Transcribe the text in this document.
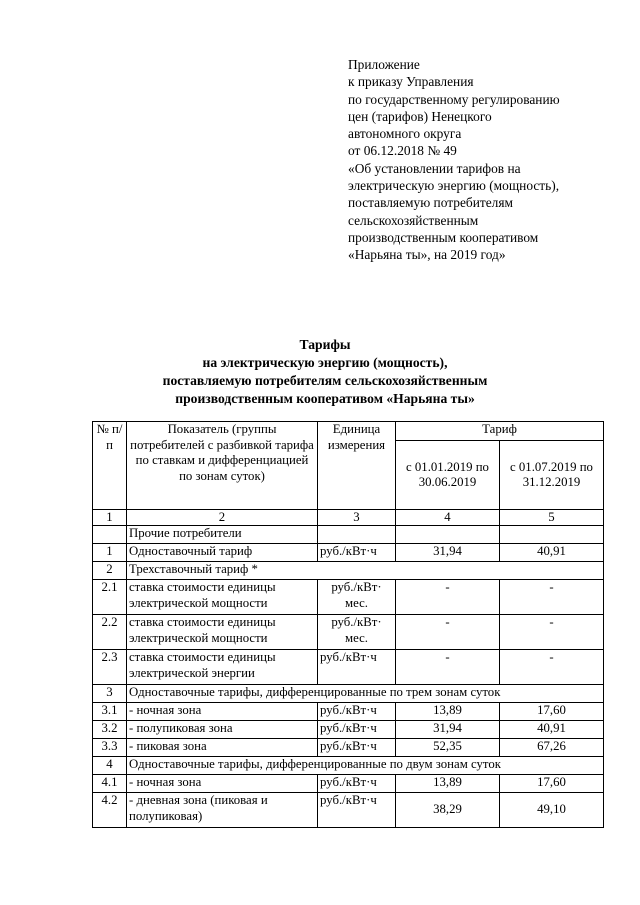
Приложение
к приказу Управления
по государственному регулированию
цен (тарифов) Ненецкого
автономного округа
от 06.12.2018 № 49
«Об установлении тарифов на
электрическую энергию (мощность),
поставляемую потребителям
сельскохозяйственным
производственным кооперативом
«Нарьяна ты», на 2019 год»
Тарифы
на электрическую энергию (мощность),
поставляемую потребителям сельскохозяйственным
производственным кооперативом «Нарьяна ты»
№ п/п	Показатель (группы потребителей с разбивкой тарифа по ставкам и дифференциацией по зонам суток)	Единица измерения	Тариф	
			с 01.01.2019 по 30.06.2019	с 01.07.2019 по 31.12.2019
1	2	3	4	5
	Прочие потребители			
1	Одноставочный тариф	руб./кВт·ч	31,94	40,91
2	Трехставочный тариф *			
2.1	ставка стоимости единицы электрической мощности	руб./кВт· мес.	-	-
2.2	ставка стоимости единицы электрической мощности	руб./кВт· мес.	-	-
2.3	ставка стоимости единицы электрической энергии	руб./кВт·ч	-	-
3	Одноставочные тарифы, дифференцированные по трем зонам суток			
3.1	- ночная зона	руб./кВт·ч	13,89	17,60
3.2	- полупиковая зона	руб./кВт·ч	31,94	40,91
3.3	- пиковая зона	руб./кВт·ч	52,35	67,26
4	Одноставочные тарифы, дифференцированные по двум зонам суток			
4.1	- ночная зона	руб./кВт·ч	13,89	17,60
4.2	- дневная зона (пиковая и полупиковая)	руб./кВт·ч	38,29	49,10
